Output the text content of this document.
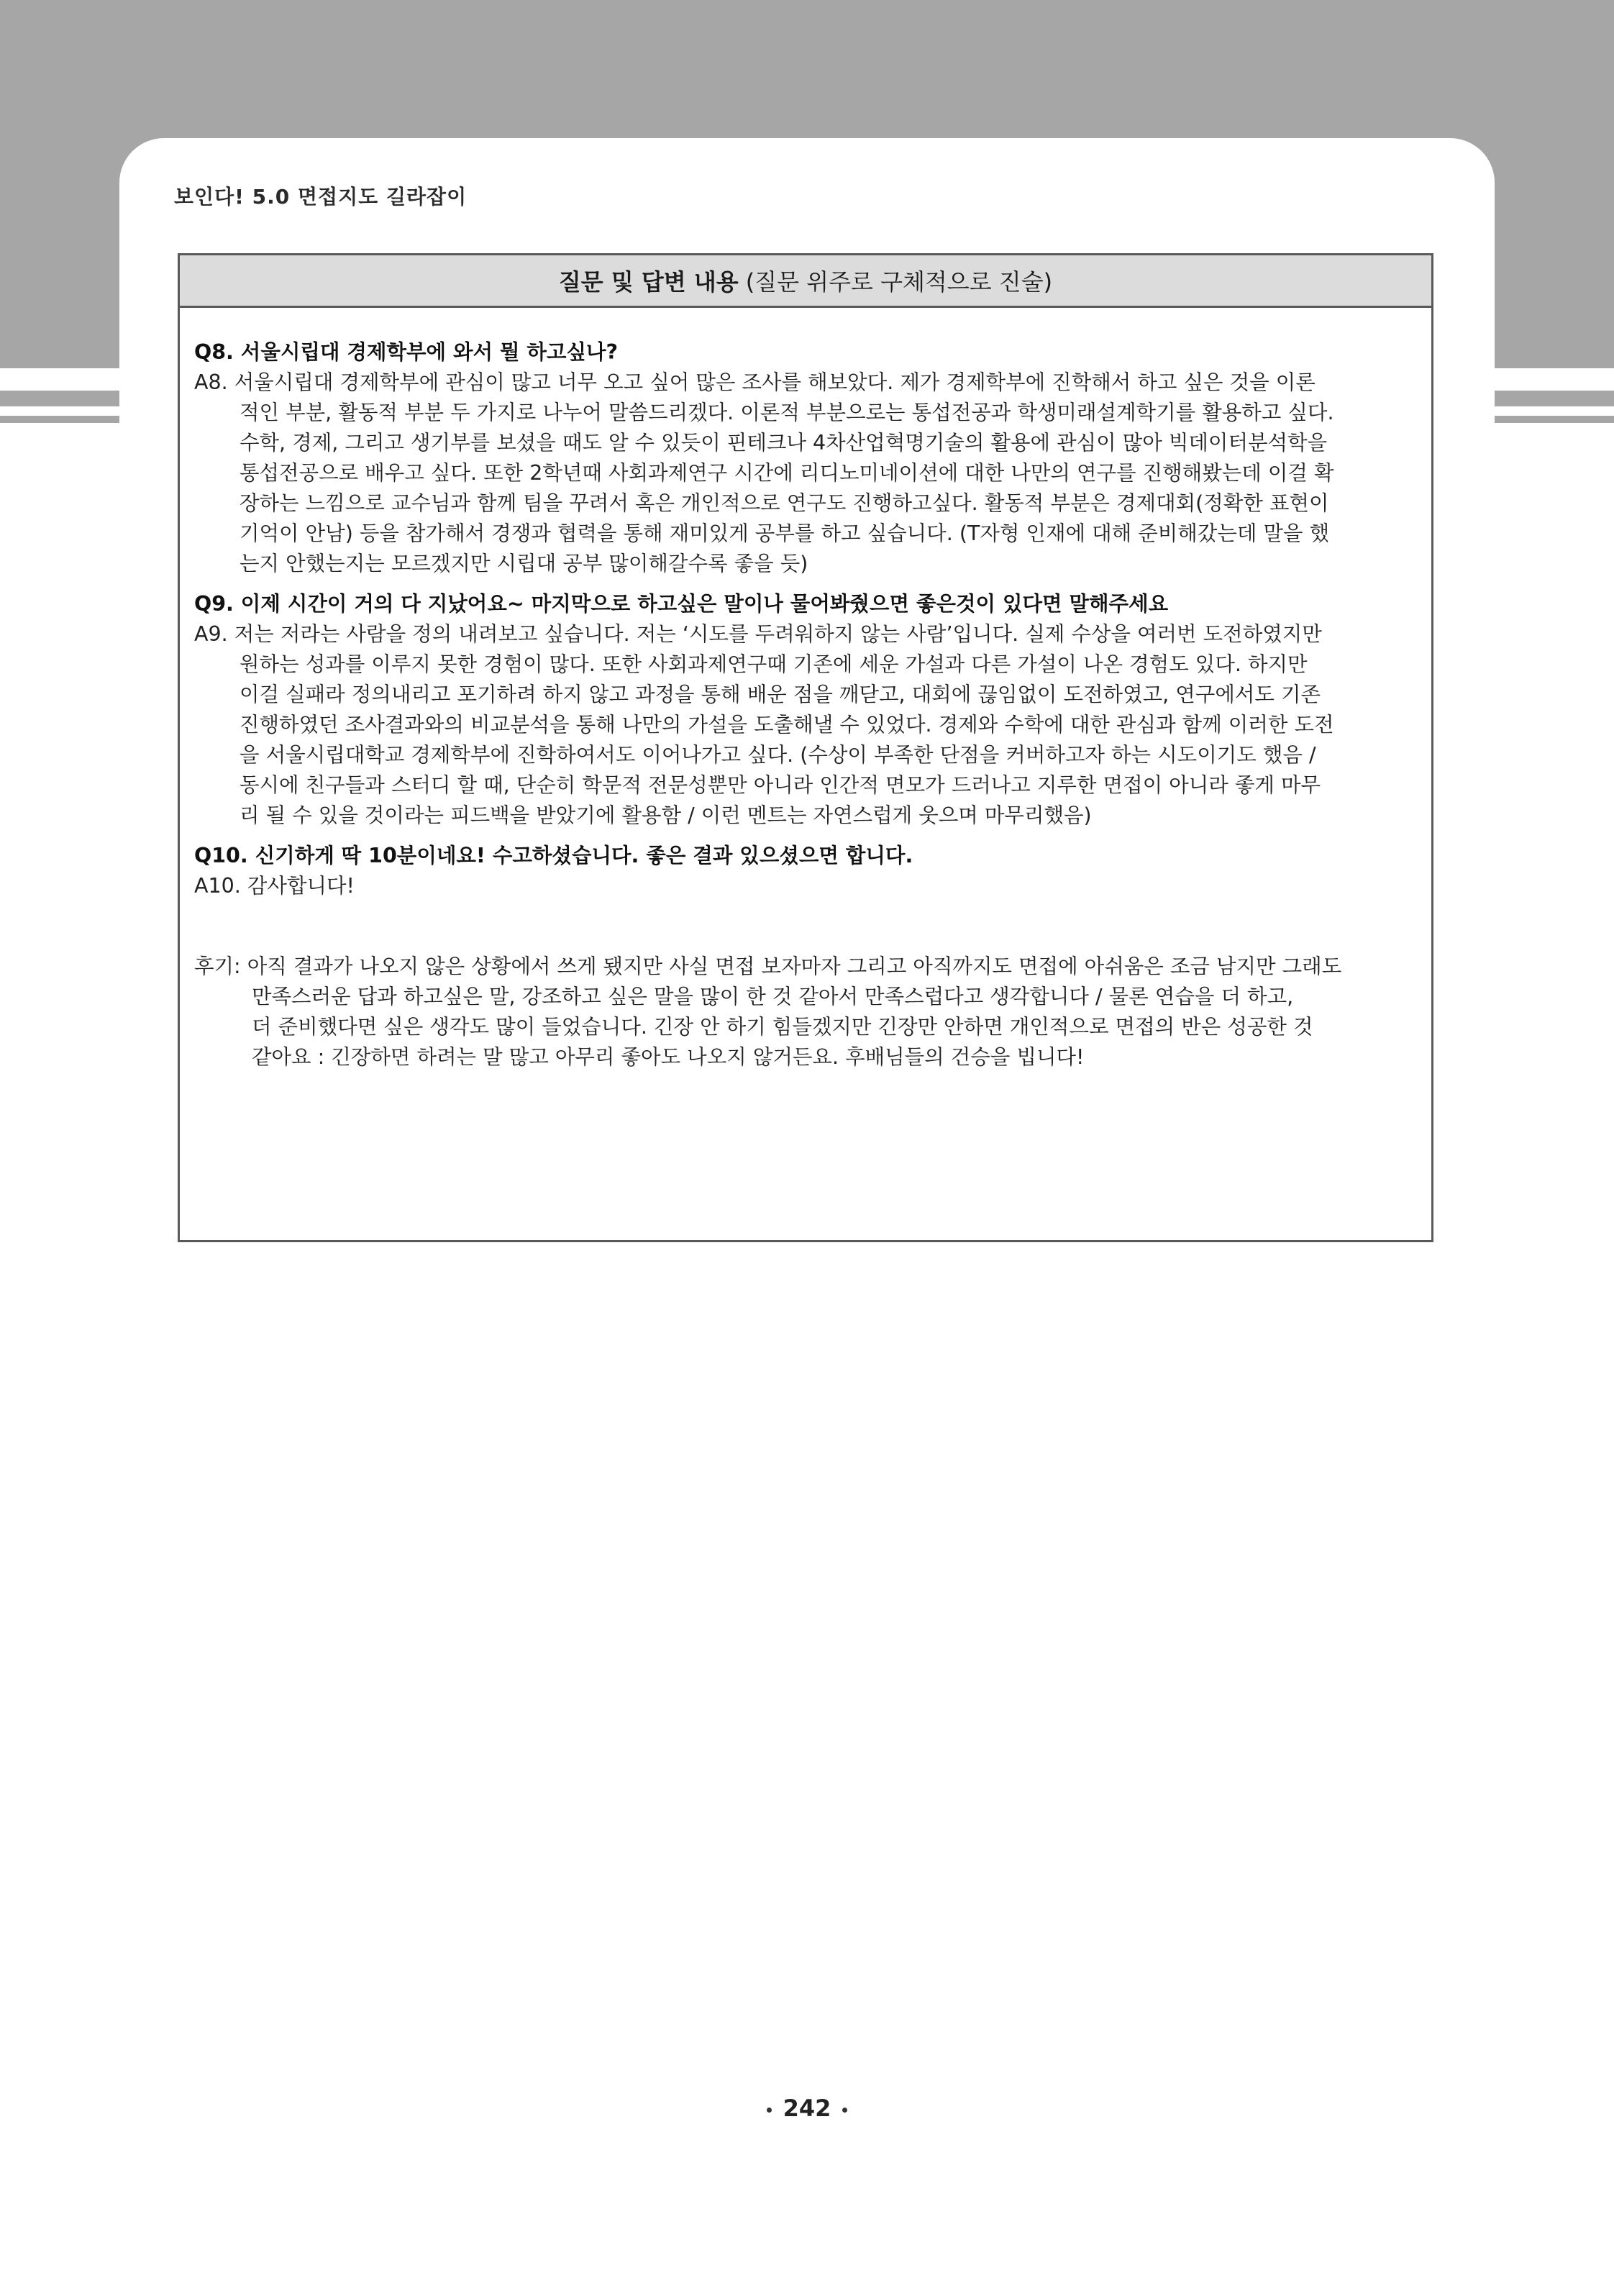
보인다! 5.0 면접지도 길라잡이
질문 및 답변 내용 (질문 위주로 구체적으로 진술)
Q8. 서울시립대 경제학부에 와서 뭘 하고싶나?
A8. 서울시립대 경제학부에 관심이 많고 너무 오고 싶어 많은 조사를 해보았다. 제가 경제학부에 진학해서 하고 싶은 것을 이론
적인 부분, 활동적 부분 두 가지로 나누어 말씀드리겠다. 이론적 부분으로는 통섭전공과 학생미래설계학기를 활용하고 싶다.
수학, 경제, 그리고 생기부를 보셨을 때도 알 수 있듯이 핀테크나 4차산업혁명기술의 활용에 관심이 많아 빅데이터분석학을
통섭전공으로 배우고 싶다. 또한 2학년때 사회과제연구 시간에 리디노미네이션에 대한 나만의 연구를 진행해봤는데 이걸 확
장하는 느낌으로 교수님과 함께 팀을 꾸려서 혹은 개인적으로 연구도 진행하고싶다. 활동적 부분은 경제대회(정확한 표현이
기억이 안남) 등을 참가해서 경쟁과 협력을 통해 재미있게 공부를 하고 싶습니다. (T자형 인재에 대해 준비해갔는데 말을 했
는지 안했는지는 모르겠지만 시립대 공부 많이해갈수록 좋을 듯)
Q9. 이제 시간이 거의 다 지났어요~ 마지막으로 하고싶은 말이나 물어봐줬으면 좋은것이 있다면 말해주세요
A9. 저는 저라는 사람을 정의 내려보고 싶습니다. 저는 ‘시도를 두려워하지 않는 사람’입니다. 실제 수상을 여러번 도전하였지만
원하는 성과를 이루지 못한 경험이 많다. 또한 사회과제연구때 기존에 세운 가설과 다른 가설이 나온 경험도 있다. 하지만
이걸 실패라 정의내리고 포기하려 하지 않고 과정을 통해 배운 점을 깨닫고, 대회에 끊임없이 도전하였고, 연구에서도 기존
진행하였던 조사결과와의 비교분석을 통해 나만의 가설을 도출해낼 수 있었다. 경제와 수학에 대한 관심과 함께 이러한 도전
을 서울시립대학교 경제학부에 진학하여서도 이어나가고 싶다. (수상이 부족한 단점을 커버하고자 하는 시도이기도 했음 /
동시에 친구들과 스터디 할 때, 단순히 학문적 전문성뿐만 아니라 인간적 면모가 드러나고 지루한 면접이 아니라 좋게 마무
리 될 수 있을 것이라는 피드백을 받았기에 활용함 / 이런 멘트는 자연스럽게 웃으며 마무리했음)
Q10. 신기하게 딱 10분이네요! 수고하셨습니다. 좋은 결과 있으셨으면 합니다.
A10. 감사합니다!
후기: 아직 결과가 나오지 않은 상황에서 쓰게 됐지만 사실 면접 보자마자 그리고 아직까지도 면접에 아쉬움은 조금 남지만 그래도
만족스러운 답과 하고싶은 말, 강조하고 싶은 말을 많이 한 것 같아서 만족스럽다고 생각합니다 / 물론 연습을 더 하고,
더 준비했다면 싶은 생각도 많이 들었습니다. 긴장 안 하기 힘들겠지만 긴장만 안하면 개인적으로 면접의 반은 성공한 것
같아요 : 긴장하면 하려는 말 많고 아무리 좋아도 나오지 않거든요. 후배님들의 건승을 빕니다!
242
